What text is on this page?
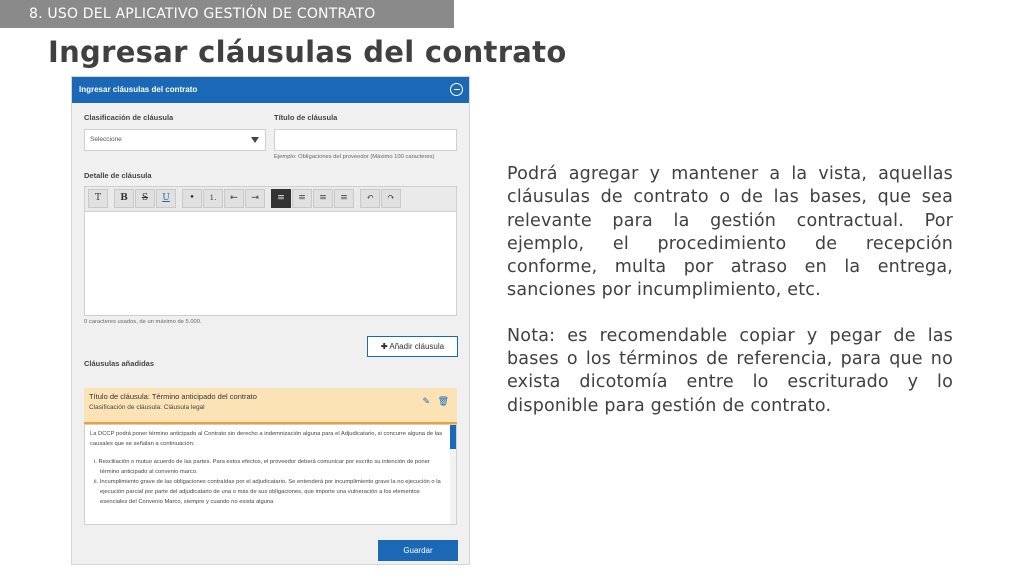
8. USO DEL APLICATIVO GESTIÓN DE CONTRATO
Ingresar cláusulas del contrato
Ingresar cláusulas del contrato
Clasificación de cláusula	Título de cláusula
Seleccione
Ejemplo: Obligaciones del proveedor (Máximo 100 caracteres)
Detalle de cláusula
T	B	S	U	•	1.	⇤	⇥	≡	≡	≡	≡	↶	↷
0 caracteres usados, de un máximo de 5.000.
✚ Añadir cláusula
Cláusulas añadidas
Título de cláusula: Término anticipado del contrato
Clasificación de cláusula: Cláusula legal
✎ 🗑

La DCCP podrá poner término anticipado al Contrato sin derecho a indemnización alguna para el Adjudicatario, si concurre alguna de las causales que se señalan a continuación:

i. Resciliación o mutuo acuerdo de las partes. Para estos efectos, el proveedor deberá comunicar por escrito su intención de poner término anticipado al convenio marco.
ii. Incumplimiento grave de las obligaciones contraídas por el adjudicatario. Se entenderá por incumplimiento grave la no ejecución o la ejecución parcial por parte del adjudicatario de una o más de sus obligaciones, que importe una vulneración a los elementos esenciales del Convenio Marco, siempre y cuando no exista alguna
Guardar

Podrá agregar y mantener a la vista, aquellas cláusulas de contrato o de las bases, que sea relevante para la gestión contractual. Por ejemplo, el procedimiento de recepción conforme, multa por atraso en la entrega, sanciones por incumplimiento, etc.

Nota: es recomendable copiar y pegar de las bases o los términos de referencia, para que no exista dicotomía entre lo escriturado y lo disponible para gestión de contrato.
